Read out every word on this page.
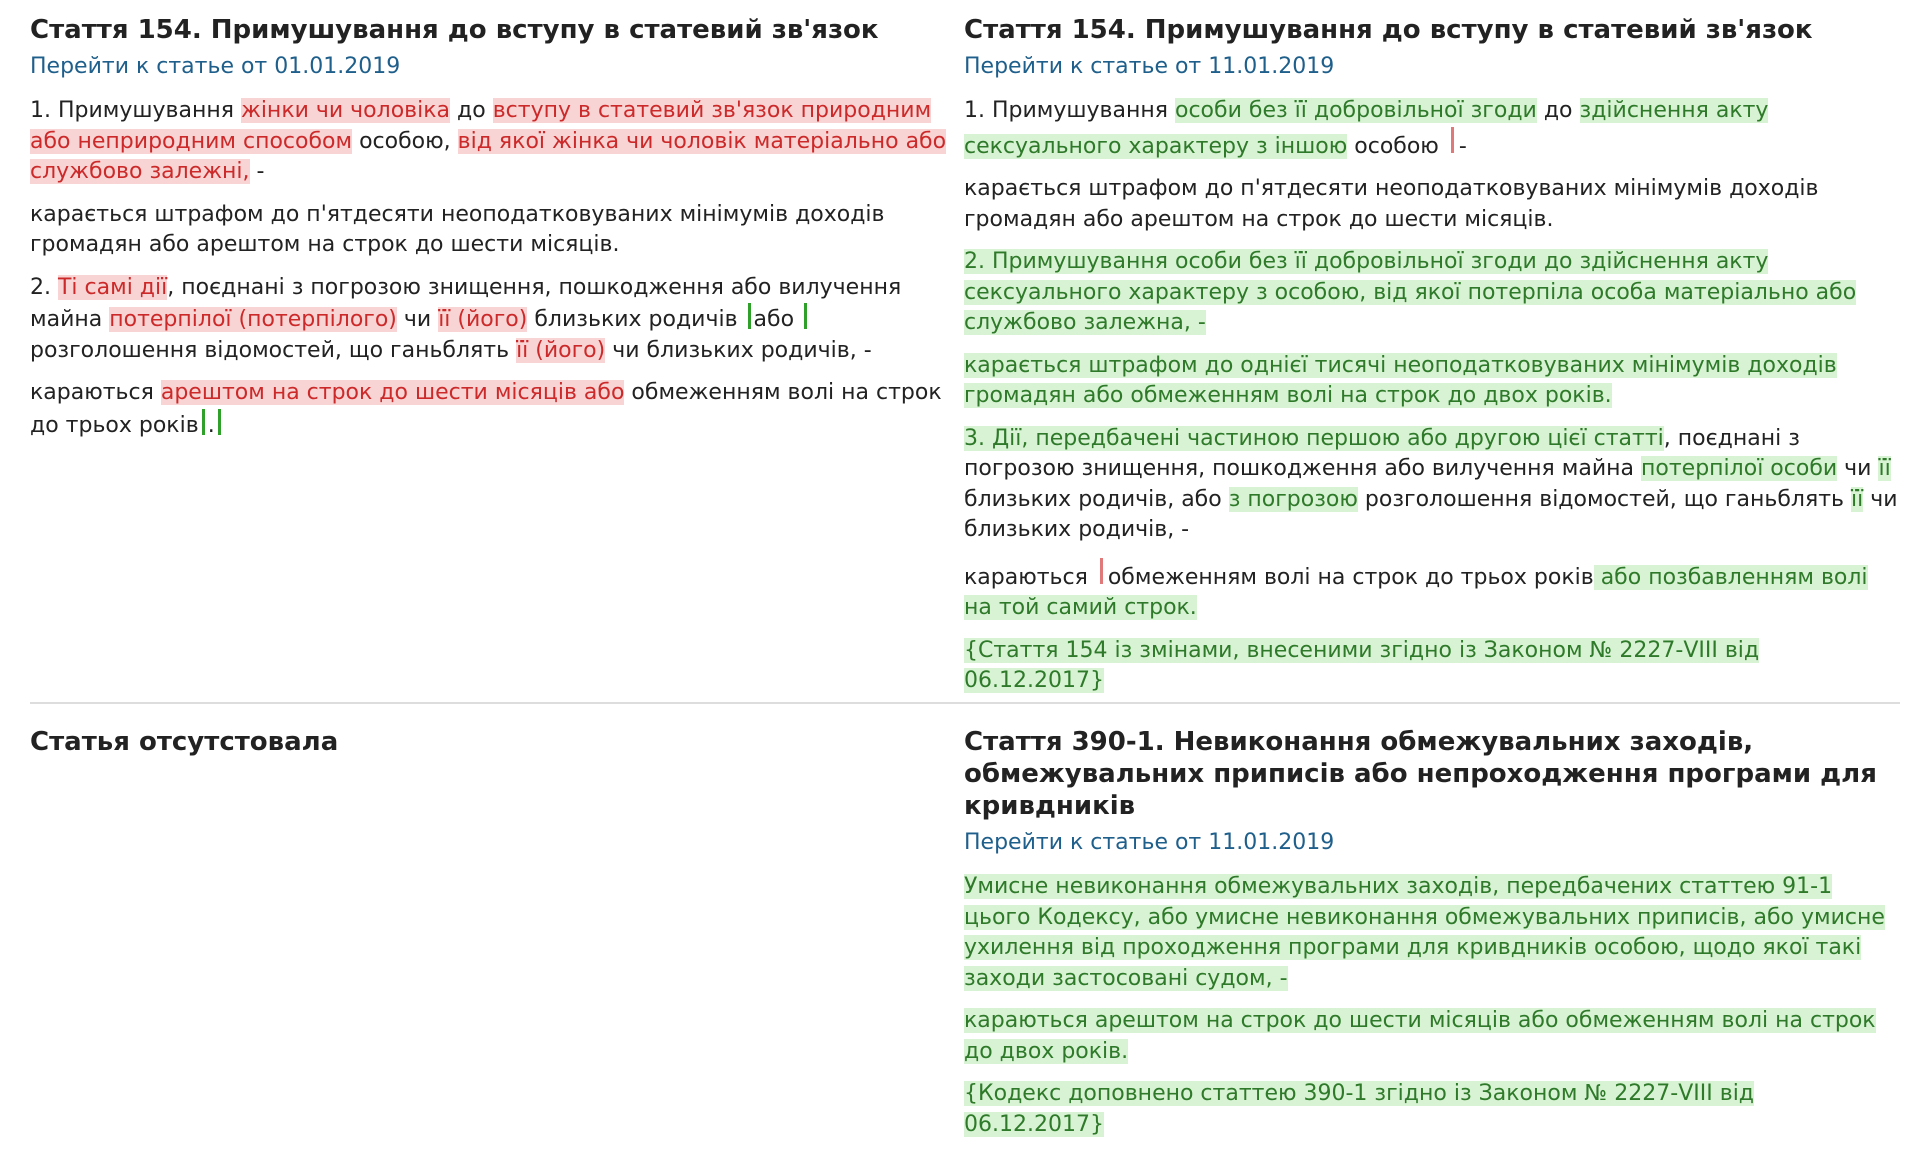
Стаття 154. Примушування до вступу в статевий зв'язок
Перейти к статье от 01.01.2019

1. Примушування жінки чи чоловіка до вступу в статевий зв'язок природним або неприродним способом особою, від якої жінка чи чоловік матеріально або службово залежні, -

карається штрафом до п'ятдесяти неоподатковуваних мінімумів доходів громадян або арештом на строк до шести місяців.

2. Ті самі дії, поєднані з погрозою знищення, пошкодження або вилучення майна потерпілої (потерпілого) чи її (його) близьких родичів або розголошення відомостей, що ганьблять її (його) чи близьких родичів, -

караються арештом на строк до шести місяців або обмеженням волі на строк до трьох років .

Стаття 154. Примушування до вступу в статевий зв'язок
Перейти к статье от 11.01.2019

1. Примушування особи без її добровільної згоди до здійснення акту сексуального характеру з іншою особою -

карається штрафом до п'ятдесяти неоподатковуваних мінімумів доходів громадян або арештом на строк до шести місяців.

2. Примушування особи без її добровільної згоди до здійснення акту сексуального характеру з особою, від якої потерпіла особа матеріально або службово залежна, -

карається штрафом до однієї тисячі неоподатковуваних мінімумів доходів громадян або обмеженням волі на строк до двох років.

3. Дії, передбачені частиною першою або другою цієї статті, поєднані з погрозою знищення, пошкодження або вилучення майна потерпілої особи чи її близьких родичів, або з погрозою розголошення відомостей, що ганьблять її чи близьких родичів, -

караються обмеженням волі на строк до трьох років або позбавленням волі на той самий строк.

{Стаття 154 із змінами, внесеними згідно із Законом № 2227-VIII від 06.12.2017}

Статья отсутстовала	Стаття 390-1. Невиконання обмежувальних заходів, обмежувальних приписів або непроходження програми для кривдників
Перейти к статье от 11.01.2019

Умисне невиконання обмежувальних заходів, передбачених статтею 91-1 цього Кодексу, або умисне невиконання обмежувальних приписів, або умисне ухилення від проходження програми для кривдників особою, щодо якої такі заходи застосовані судом, -

караються арештом на строк до шести місяців або обмеженням волі на строк до двох років.

{Кодекс доповнено статтею 390-1 згідно із Законом № 2227-VIII від 06.12.2017}
